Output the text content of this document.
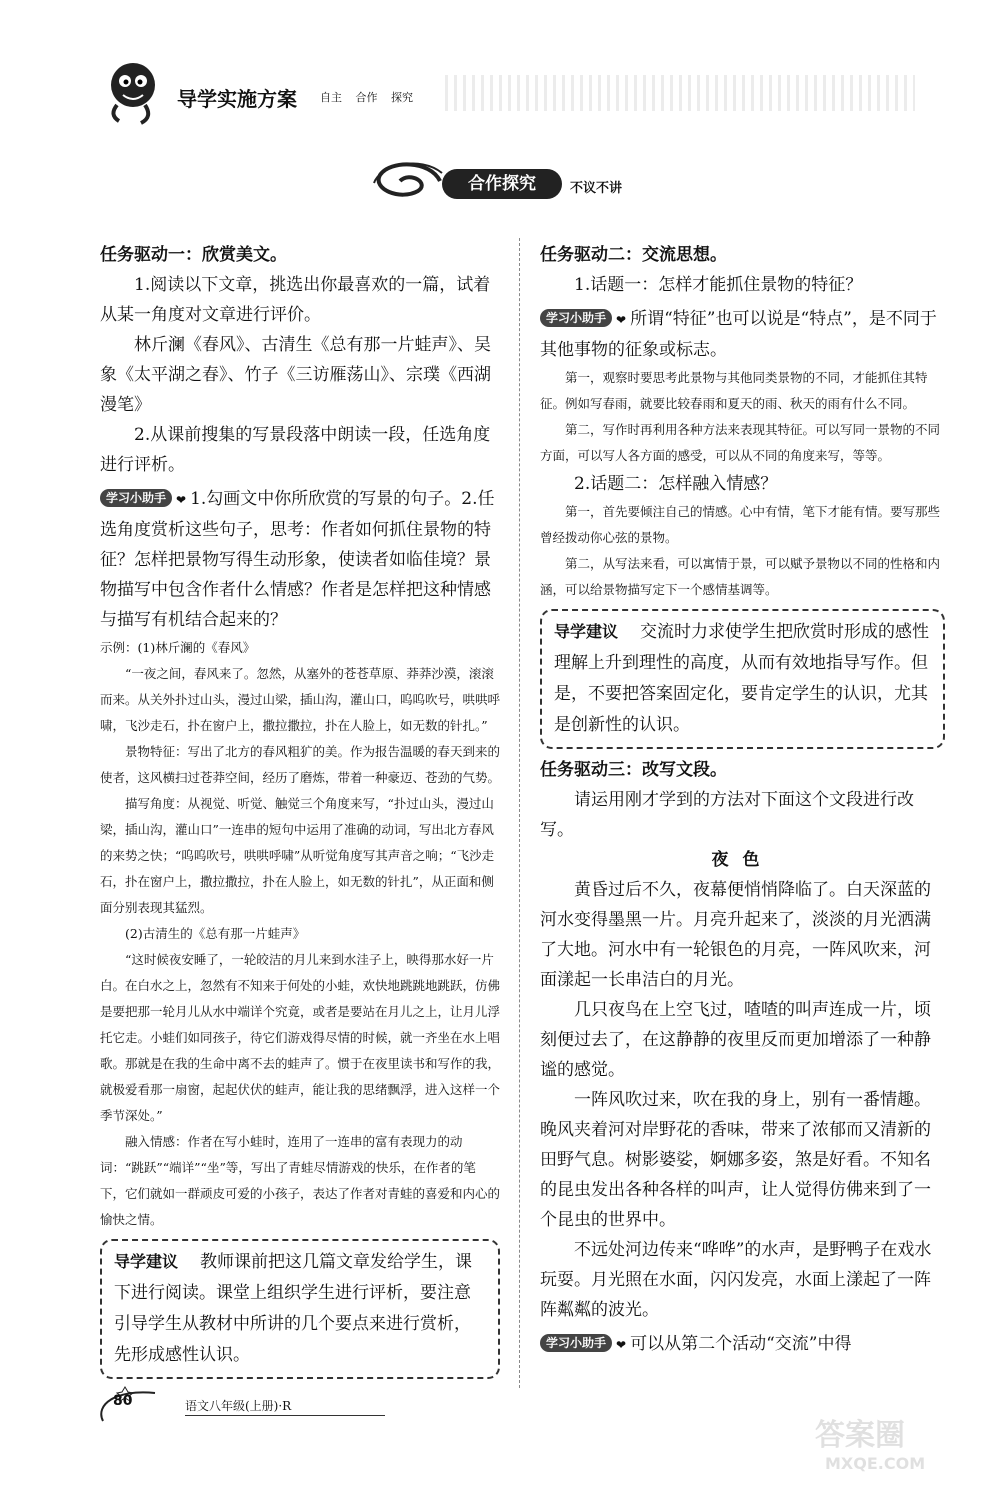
导学实施方案 自主 合作 探究
合作探究	不议不讲

任务驱动一：欣赏美文。

1.阅读以下文章，挑选出你最喜欢的一篇，试着从某一角度对文章进行评价。

林斤澜《春风》、古清生《总有那一片蛙声》、吴象《太平湖之春》、竹子《三访雁荡山》、宗璞《西湖漫笔》

2.从课前搜集的写景段落中朗读一段，任选角度进行评析。

学习小助手 ❤ 1.勾画文中你所欣赏的写景的句子。2.任选角度赏析这些句子，思考：作者如何抓住景物的特征？怎样把景物写得生动形象，使读者如临佳境？景物描写中包含作者什么情感？作者是怎样把这种情感与描写有机结合起来的？

示例：(1)林斤澜的《春风》

“一夜之间，春风来了。忽然，从塞外的苍苍草原、莽莽沙漠，滚滚而来。从关外扑过山头，漫过山梁，插山沟，灌山口，呜呜吹号，哄哄呼啸，飞沙走石，扑在窗户上，撒拉撒拉，扑在人脸上，如无数的针扎。”

景物特征：写出了北方的春风粗犷的美。作为报告温暖的春天到来的使者，这风横扫过苍莽空间，经历了磨炼，带着一种豪迈、苍劲的气势。

描写角度：从视觉、听觉、触觉三个角度来写，“扑过山头，漫过山梁，插山沟，灌山口”一连串的短句中运用了准确的动词，写出北方春风的来势之快；“呜呜吹号，哄哄呼啸”从听觉角度写其声音之响；“飞沙走石，扑在窗户上，撒拉撒拉，扑在人脸上，如无数的针扎”，从正面和侧面分别表现其猛烈。

(2)古清生的《总有那一片蛙声》

“这时候夜安睡了，一轮皎洁的月儿来到水洼子上，映得那水好一片白。在白水之上，忽然有不知来于何处的小蛙，欢快地跳跳地跳跃，仿佛是要把那一轮月儿从水中端详个究竟，或者是要站在月儿之上，让月儿浮托它走。小蛙们如同孩子，待它们游戏得尽情的时候，就一齐坐在水上唱歌。那就是在我的生命中离不去的蛙声了。惯于在夜里读书和写作的我，就极爱看那一扇窗，起起伏伏的蛙声，能让我的思绪飘浮，进入这样一个季节深处。”

融入情感：作者在写小蛙时，连用了一连串的富有表现力的动词：“跳跃”“端详”“坐”等，写出了青蛙尽情游戏的快乐，在作者的笔下，它们就如一群顽皮可爱的小孩子，表达了作者对青蛙的喜爱和内心的愉快之情。

导学建议 教师课前把这几篇文章发给学生，课下进行阅读。课堂上组织学生进行评析，要注意引导学生从教材中所讲的几个要点来进行赏析，先形成感性认识。

任务驱动二：交流思想。

1.话题一：怎样才能抓住景物的特征？

学习小助手 ❤ 所谓“特征”也可以说是“特点”，是不同于其他事物的征象或标志。

第一，观察时要思考此景物与其他同类景物的不同，才能抓住其特征。例如写春雨，就要比较春雨和夏天的雨、秋天的雨有什么不同。

第二，写作时再利用各种方法来表现其特征。可以写同一景物的不同方面，可以写人各方面的感受，可以从不同的角度来写，等等。

2.话题二：怎样融入情感？

第一，首先要倾注自己的情感。心中有情，笔下才能有情。要写那些曾经拨动你心弦的景物。

第二，从写法来看，可以寓情于景，可以赋予景物以不同的性格和内涵，可以给景物描写定下一个感情基调等。

导学建议 交流时力求使学生把欣赏时形成的感性理解上升到理性的高度，从而有效地指导写作。但是，不要把答案固定化，要肯定学生的认识，尤其是创新性的认识。

任务驱动三：改写文段。

请运用刚才学到的方法对下面这个文段进行改写。

夜色

黄昏过后不久，夜幕便悄悄降临了。白天深蓝的河水变得墨黑一片。月亮升起来了，淡淡的月光洒满了大地。河水中有一轮银色的月亮，一阵风吹来，河面漾起一长串洁白的月光。

几只夜鸟在上空飞过，喳喳的叫声连成一片，顷刻便过去了，在这静静的夜里反而更加增添了一种静谧的感觉。

一阵风吹过来，吹在我的身上，别有一番情趣。晚风夹着河对岸野花的香味，带来了浓郁而又清新的田野气息。树影婆娑，婀娜多姿，煞是好看。不知名的昆虫发出各种各样的叫声，让人觉得仿佛来到了一个昆虫的世界中。

不远处河边传来“哗哗”的水声，是野鸭子在戏水玩耍。月光照在水面，闪闪发亮，水面上漾起了一阵阵粼粼的波光。

学习小助手 ❤ 可以从第二个活动“交流”中得

80	语文八年级(上册)·R
答案圈
MXQE.COM
